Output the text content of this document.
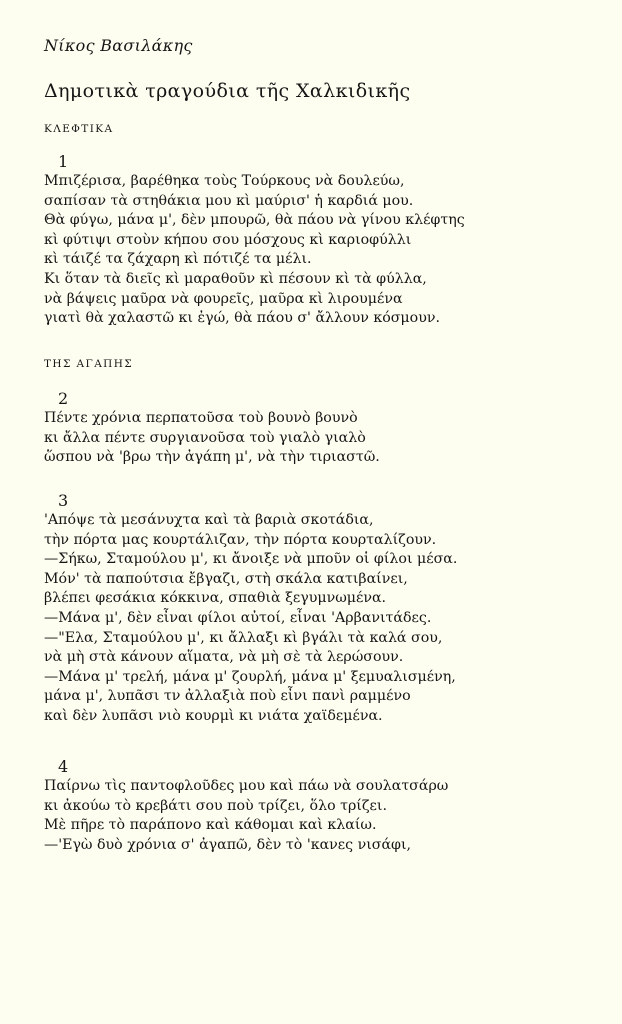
Νίκος Βασιλάκης
Δημοτικὰ τραγούδια τῆς Χαλκιδικῆς
ΚΛΕΦΤΙΚΑ
1
Μπιζέρισα, βαρέθηκα τοὺς Τούρκους νὰ δουλεύω,
σαπίσαν τὰ στηθάκια μου κὶ μαύρισ' ἡ καρδιά μου.
Θὰ φύγω, μάνα μ', δὲν μπουρῶ, θὰ πάου νὰ γίνου κλέφτης
κὶ φύτιψι στοὺν κήπου σου μόσχους κὶ καριοφύλλι
κὶ τάιζέ τα ζάχαρη κὶ πότιζέ τα μέλι.
Κι ὅταν τὰ διεῖς κὶ μαραθοῦν κὶ πέσουν κὶ τὰ φύλλα,
νὰ βάψεις μαῦρα νὰ φουρεῖς, μαῦρα κὶ λιρουμένα
γιατὶ θὰ χαλαστῶ κι ἐγώ, θὰ πάου σ' ἄλλουν κόσμουν.
ΤΗΣ ΑΓΑΠΗΣ
2
Πέντε χρόνια περπατοῦσα τοὺ βουνὸ βουνὸ
κι ἄλλα πέντε συργιανοῦσα τοὺ γιαλὸ γιαλὸ
ὥσπου νὰ 'βρω τὴν ἀγάπη μ', νὰ τὴν τιριαστῶ.
3
'Απόψε τὰ μεσάνυχτα καὶ τὰ βαριὰ σκοτάδια,
τὴν πόρτα μας κουρτάλιζαν, τὴν πόρτα κουρταλίζουν.
—Σήκω, Σταμούλου μ', κι ἄνοιξε νὰ μποῦν οἱ φίλοι μέσα.
Μόν' τὰ παπούτσια ἔβγαζι, στὴ σκάλα κατιβαίνει,
βλέπει φεσάκια κόκκινα, σπαθιὰ ξεγυμνωμένα.
—Μάνα μ', δὲν εἶναι φίλοι αὐτοί, εἶναι 'Αρβανιτάδες.
—"Ελα, Σταμούλου μ', κι ἄλλαξι κὶ βγάλι τὰ καλά σου,
νὰ μὴ στὰ κάνουν αἵματα, νὰ μὴ σὲ τὰ λερώσουν.
—Μάνα μ' τρελή, μάνα μ' ζουρλή, μάνα μ' ξεμυαλισμένη,
μάνα μ', λυπᾶσι τν ἀλλαξιὰ ποὺ εἶνι πανὶ ραμμένο
καὶ δὲν λυπᾶσι νιὸ κουρμὶ κι νιάτα χαϊδεμένα.
4
Παίρνω τὶς παντοφλοῦδες μου καὶ πάω νὰ σουλατσάρω
κι ἀκούω τὸ κρεβάτι σου ποὺ τρίζει, ὅλο τρίζει.
Μὲ πῆρε τὸ παράπονο καὶ κάθομαι καὶ κλαίω.
—'Εγὼ δυὸ χρόνια σ' ἀγαπῶ, δὲν τὸ 'κανες νισάφι,
